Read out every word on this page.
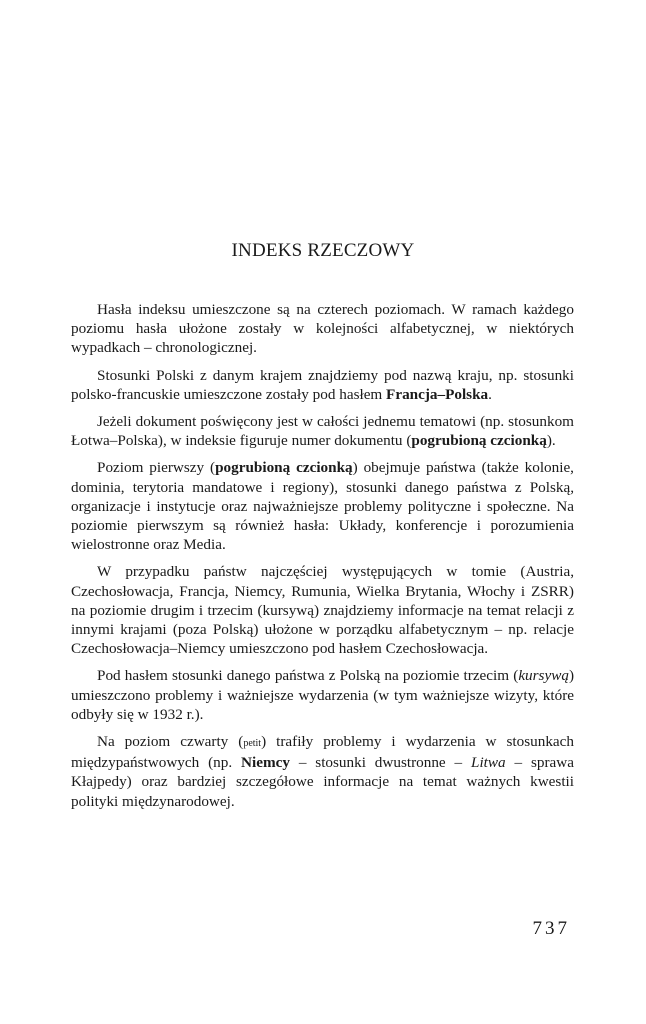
INDEKS RZECZOWY

Hasła indeksu umieszczone są na czterech poziomach. W ramach każdego poziomu hasła ułożone zostały w kolejności alfabetycznej, w niektórych wypadkach – chronologicznej.

Stosunki Polski z danym krajem znajdziemy pod nazwą kraju, np. stosunki polsko-francuskie umieszczone zostały pod hasłem Francja–Polska.

Jeżeli dokument poświęcony jest w całości jednemu tematowi (np. stosunkom Łotwa–Polska), w indeksie figuruje numer dokumentu (pogrubioną czcionką).

Poziom pierwszy (pogrubioną czcionką) obejmuje państwa (także kolonie, dominia, terytoria mandatowe i regiony), stosunki danego państwa z Polską, organizacje i instytucje oraz najważniejsze problemy polityczne i społeczne. Na poziomie pierwszym są również hasła: Układy, konferencje i porozumienia wielostronne oraz Media.

W przypadku państw najczęściej występujących w tomie (Austria, Czechosłowacja, Francja, Niemcy, Rumunia, Wielka Brytania, Włochy i ZSRR) na poziomie drugim i trzecim (kursywą) znajdziemy informacje na temat relacji z innymi krajami (poza Polską) ułożone w porządku alfabetycznym – np. relacje Czechosłowacja–Niemcy umieszczono pod hasłem Czechosłowacja.

Pod hasłem stosunki danego państwa z Polską na poziomie trzecim (kursywą) umieszczono problemy i ważniejsze wydarzenia (w tym ważniejsze wizyty, które odbyły się w 1932 r.).

Na poziom czwarty (petit) trafiły problemy i wydarzenia w stosunkach międzypaństwowych (np. Niemcy – stosunki dwustronne – Litwa – sprawa Kłajpedy) oraz bardziej szczegółowe informacje na temat ważnych kwestii polityki międzynarodowej.

737
